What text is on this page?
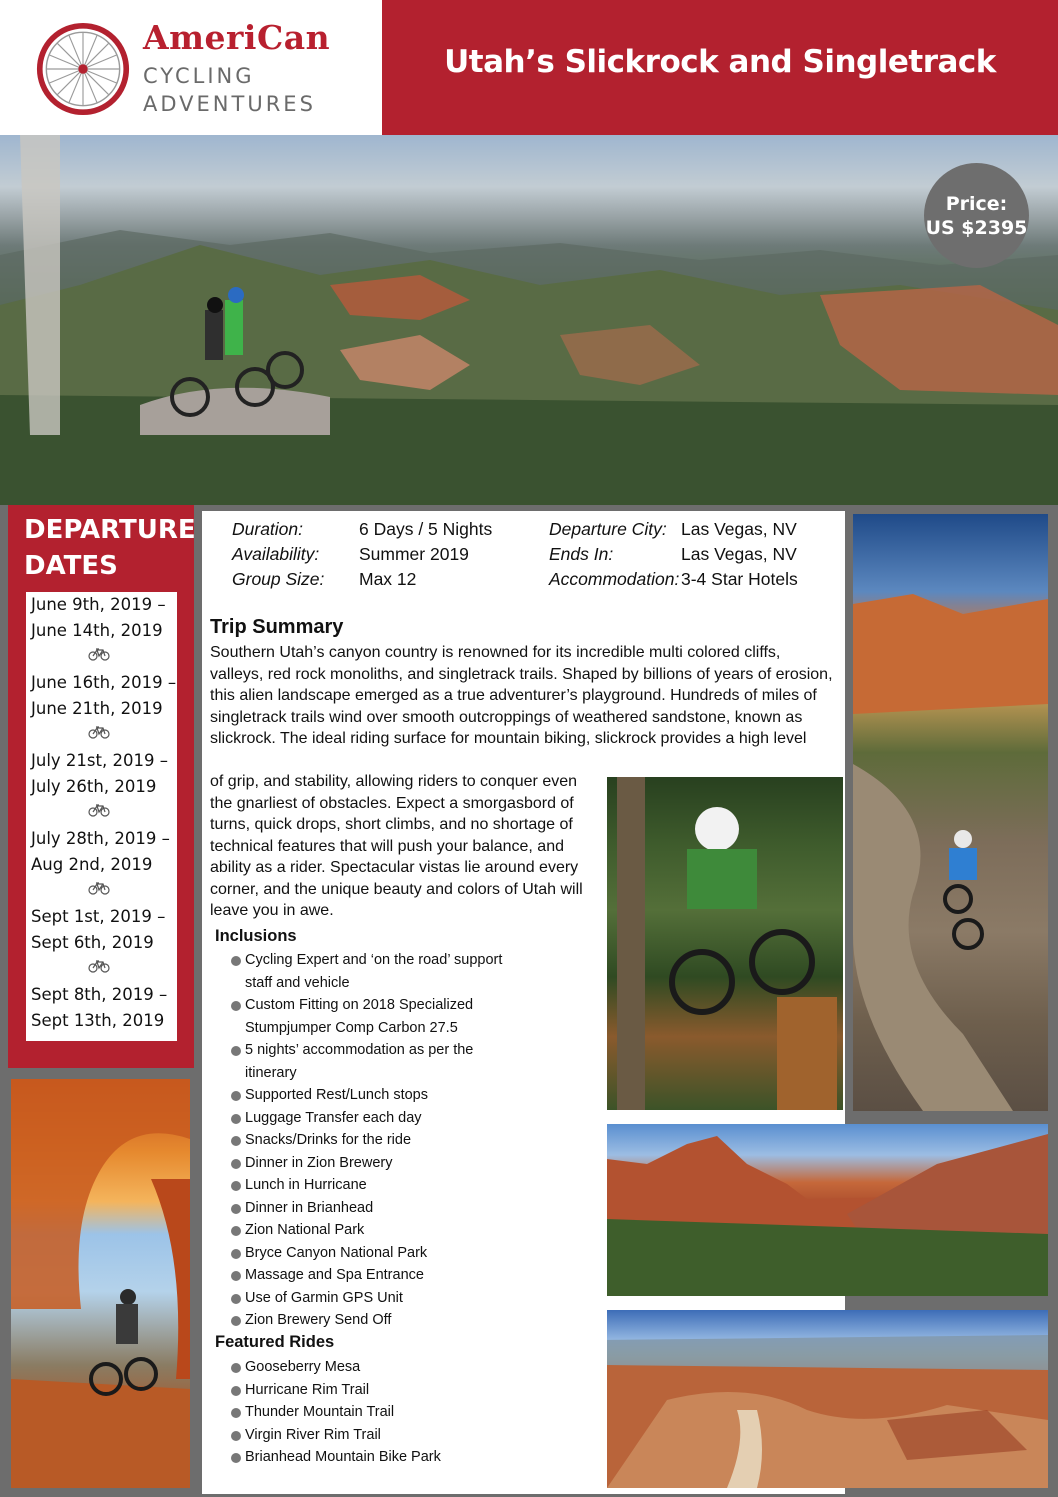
AmeriCan
CYCLING
ADVENTURES
Utah’s Slickrock and Singletrack
Price:
US $2395
DEPARTURE
DATES
June 9th, 2019 –
June 14th, 2019
June 16th, 2019 –
June 21th, 2019
July 21st, 2019 –
July 26th, 2019
July 28th, 2019 –
Aug 2nd, 2019
Sept 1st, 2019 –
Sept 6th, 2019
Sept 8th, 2019 –
Sept 13th, 2019
Duration:	6 Days / 5 Nights
Availability: Summer 2019
Group Size: Max 12
Departure City: Las Vegas, NV
Ends In:	Las Vegas, NV
Accommodation:3-4 Star Hotels
Trip Summary
Southern Utah’s canyon country is renowned for its incredible multi colored cliffs, valleys, red rock monoliths, and singletrack trails. Shaped by billions of years of erosion, this alien landscape emerged as a true adventurer’s playground. Hundreds of miles of singletrack trails wind over smooth outcroppings of weathered sandstone, known as slickrock. The ideal riding surface for mountain biking, slickrock provides a high level
of grip, and stability, allowing riders to conquer even the gnarliest of obstacles. Expect a smorgasbord of turns, quick drops, short climbs, and no shortage of technical features that will push your balance, and ability as a rider. Spectacular vistas lie around every corner, and the unique beauty and colors of Utah will leave you in awe.
Inclusions
Cycling Expert and ‘on the road’ support
staff and vehicle
Custom Fitting on 2018 Specialized
Stumpjumper Comp Carbon 27.5
5 nights’ accommodation as per the
itinerary
Supported Rest/Lunch stops
Luggage Transfer each day
Snacks/Drinks for the ride
Dinner in Zion Brewery
Lunch in Hurricane
Dinner in Brianhead
Zion National Park
Bryce Canyon National Park
Massage and Spa Entrance
Use of Garmin GPS Unit
Zion Brewery Send Off
Featured Rides
Gooseberry Mesa
Hurricane Rim Trail
Thunder Mountain Trail
Virgin River Rim Trail
Brianhead Mountain Bike Park
